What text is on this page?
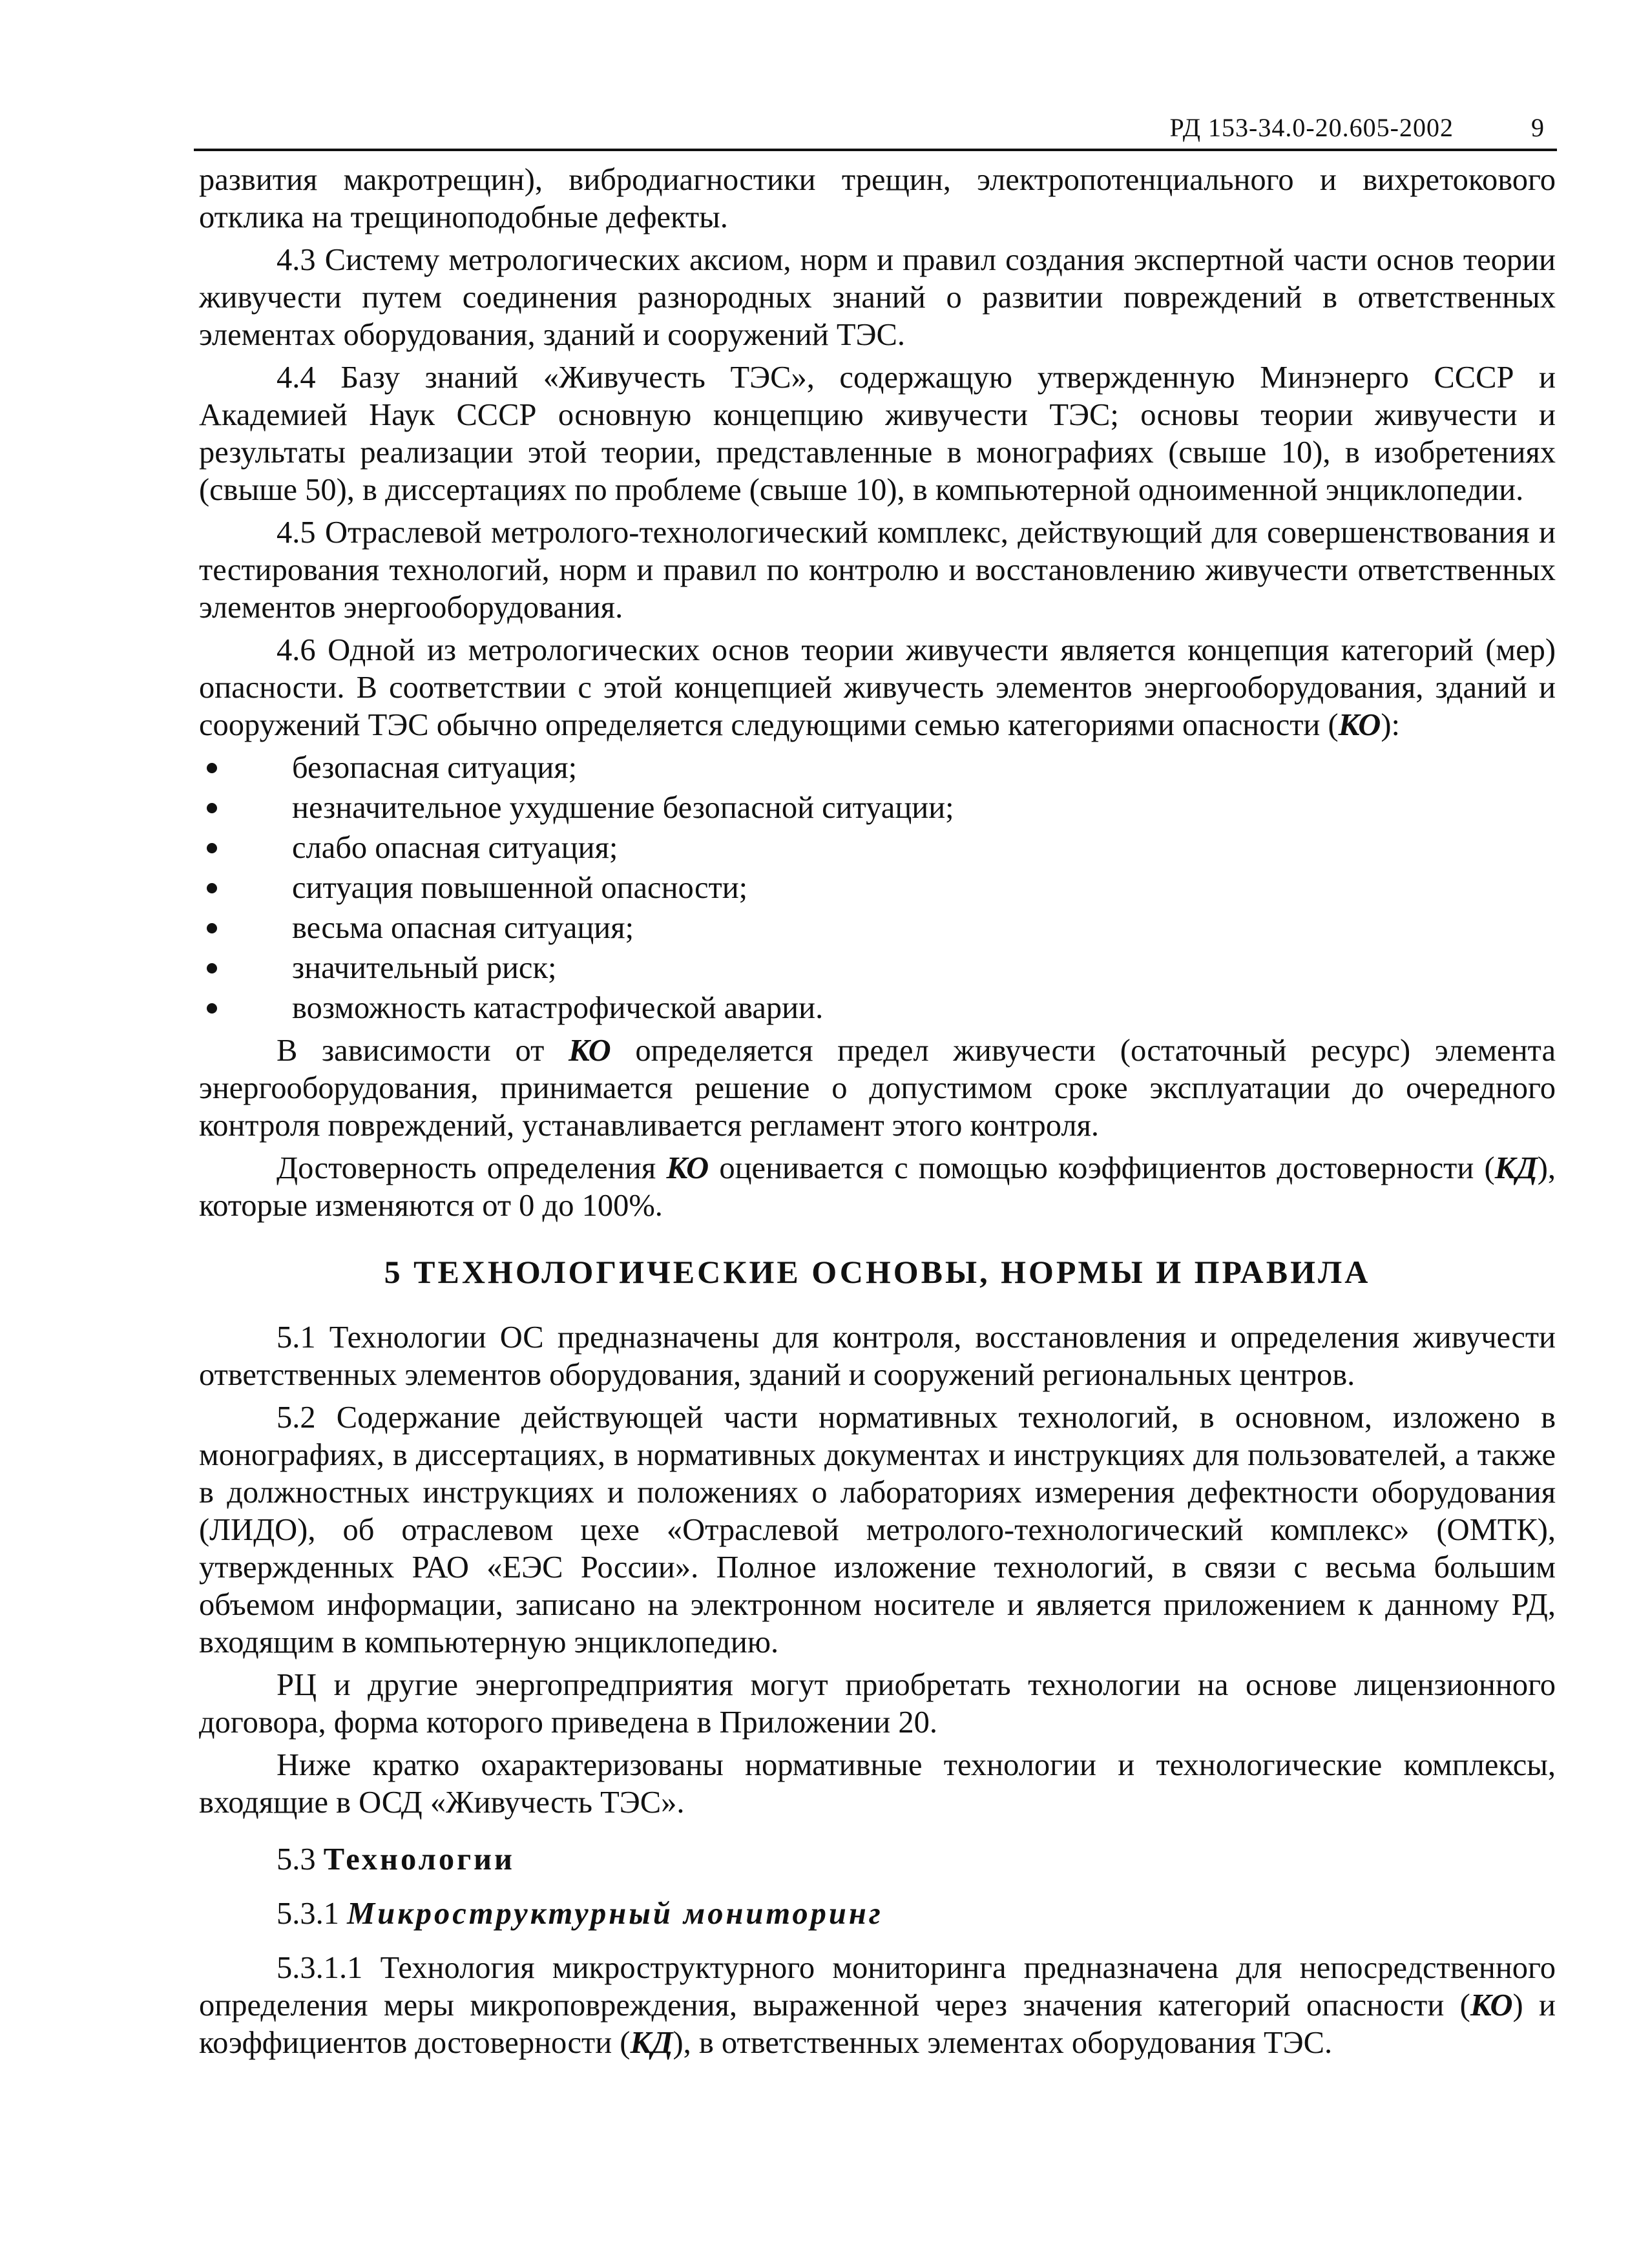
РД 153-34.0-20.605-2002	9

развития макротрещин), вибродиагностики трещин, электропотенциального и вихретокового отклика на трещиноподобные дефекты.

4.3 Систему метрологических аксиом, норм и правил создания экспертной части основ теории живучести путем соединения разнородных знаний о развитии повреждений в ответственных элементах оборудования, зданий и сооружений ТЭС.

4.4 Базу знаний «Живучесть ТЭС», содержащую утвержденную Минэнерго СССР и Академией Наук СССР основную концепцию живучести ТЭС; основы теории живучести и результаты реализации этой теории, представленные в монографиях (свыше 10), в изобретениях (свыше 50), в диссертациях по проблеме (свыше 10), в компьютерной одноименной энциклопедии.

4.5 Отраслевой метролого-технологический комплекс, действующий для совершенствования и тестирования технологий, норм и правил по контролю и восстановлению живучести ответственных элементов энергооборудования.

4.6 Одной из метрологических основ теории живучести является концепция категорий (мер) опасности. В соответствии с этой концепцией живучесть элементов энергооборудования, зданий и сооружений ТЭС обычно определяется следующими семью категориями опасности (КО):

безопасная ситуация;
незначительное ухудшение безопасной ситуации;
слабо опасная ситуация;
ситуация повышенной опасности;
весьма опасная ситуация;
значительный риск;
возможность катастрофической аварии.

В зависимости от КО определяется предел живучести (остаточный ресурс) элемента энергооборудования, принимается решение о допустимом сроке эксплуатации до очередного контроля повреждений, устанавливается регламент этого контроля.

Достоверность определения КО оценивается с помощью коэффициентов достоверности (КД), которые изменяются от 0 до 100%.

5 ТЕХНОЛОГИЧЕСКИЕ ОСНОВЫ, НОРМЫ И ПРАВИЛА

5.1 Технологии ОС предназначены для контроля, восстановления и определения живучести ответственных элементов оборудования, зданий и сооружений региональных центров.

5.2 Содержание действующей части нормативных технологий, в основном, изложено в монографиях, в диссертациях, в нормативных документах и инструкциях для пользователей, а также в должностных инструкциях и положениях о лабораториях измерения дефектности оборудования (ЛИДО), об отраслевом цехе «Отраслевой метролого-технологический комплекс» (ОМТК), утвержденных РАО «ЕЭС России». Полное изложение технологий, в связи с весьма большим объемом информации, записано на электронном носителе и является приложением к данному РД, входящим в компьютерную энциклопедию.

РЦ и другие энергопредприятия могут приобретать технологии на основе лицензионного договора, форма которого приведена в Приложении 20.

Ниже кратко охарактеризованы нормативные технологии и технологические комплексы, входящие в ОСД «Живучесть ТЭС».

5.3 Технологии
5.3.1 Микроструктурный мониторинг

5.3.1.1 Технология микроструктурного мониторинга предназначена для непосредственного определения меры микроповреждения, выраженной через значения категорий опасности (КО) и коэффициентов достоверности (КД), в ответственных элементах оборудования ТЭС.
